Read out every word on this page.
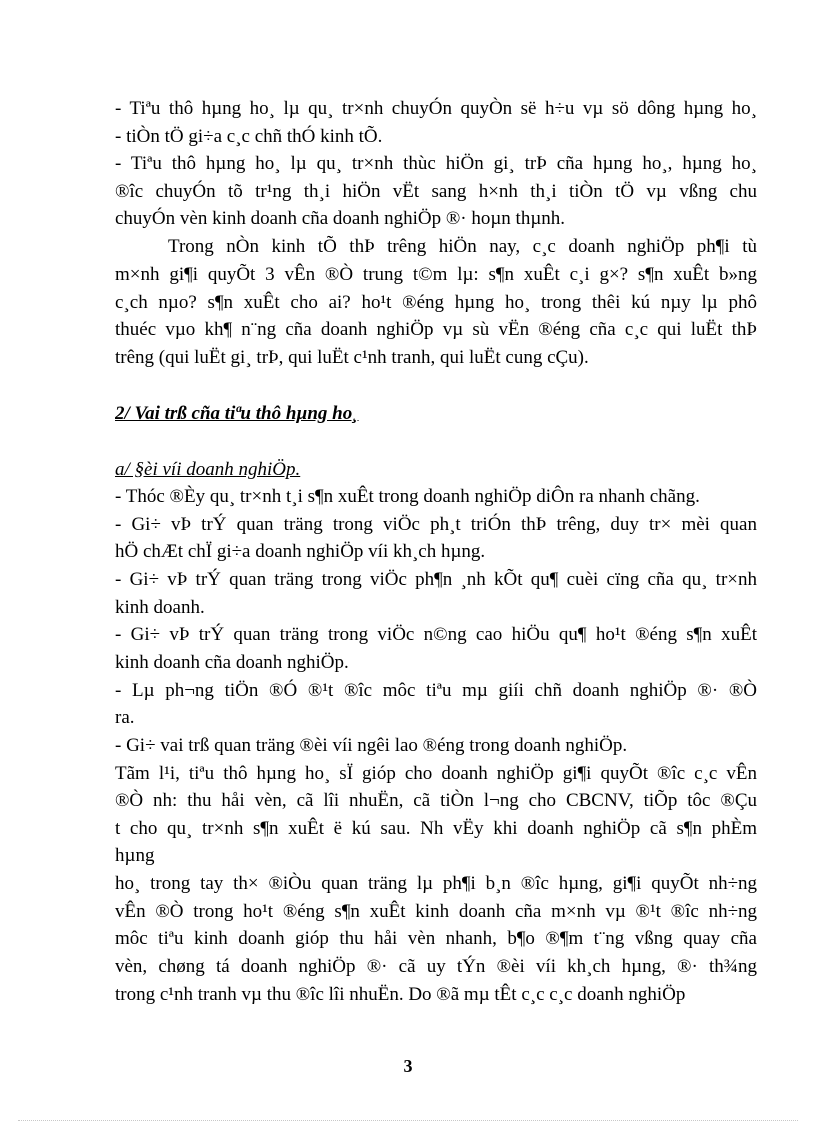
- Tiªu thô hµng ho¸ lµ qu¸ tr×nh chuyÓn quyÒn së h÷u vµ sö dông hµng ho¸
- tiÒn tÖ gi÷a c¸c chñ thÓ kinh tÕ.
- Tiªu thô hµng ho¸ lµ qu¸ tr×nh thùc hiÖn gi¸ trÞ cña hµng ho¸, hµng ho¸
®îc chuyÓn tõ tr¹ng th¸i hiÖn vËt sang h×nh th¸i tiÒn tÖ vµ vßng chu
chuyÓn vèn kinh doanh cña doanh nghiÖp ®· hoµn thµnh.
Trong nÒn kinh tÕ thÞ trêng hiÖn nay, c¸c doanh nghiÖp ph¶i tù
m×nh gi¶i quyÕt 3 vÊn ®Ò trung t©m lµ: s¶n xuÊt c¸i g×? s¶n xuÊt b»ng
c¸ch nµo? s¶n xuÊt cho ai? ho¹t ®éng hµng ho¸ trong thêi kú nµy lµ phô
thuéc vµo kh¶ n¨ng cña doanh nghiÖp vµ sù vËn ®éng cña c¸c qui luËt thÞ
trêng (qui luËt gi¸ trÞ, qui luËt c¹nh tranh, qui luËt cung cÇu).
2/ Vai trß cña tiªu thô hµng ho¸
a/ §èi víi doanh nghiÖp.
- Thóc ®Èy qu¸ tr×nh t¸i s¶n xuÊt trong doanh nghiÖp diÔn ra nhanh chãng.
- Gi÷ vÞ trÝ quan träng trong viÖc ph¸t triÓn thÞ trêng, duy tr× mèi quan
hÖ chÆt chÏ gi÷a doanh nghiÖp víi kh¸ch hµng.
- Gi÷ vÞ trÝ quan träng trong viÖc ph¶n ¸nh kÕt qu¶ cuèi cïng cña qu¸ tr×nh
kinh doanh.
- Gi÷ vÞ trÝ quan träng trong viÖc n©ng cao hiÖu qu¶ ho¹t ®éng s¶n xuÊt
kinh doanh cña doanh nghiÖp.
- Lµ ph¬ng tiÖn ®Ó ®¹t ®îc môc tiªu mµ giíi chñ doanh nghiÖp ®· ®Ò
ra.
- Gi÷ vai trß quan träng ®èi víi ngêi lao ®éng trong doanh nghiÖp.
Tãm l¹i, tiªu thô hµng ho¸ sÏ gióp cho doanh nghiÖp gi¶i quyÕt ®îc c¸c vÊn
®Ò nh: thu håi vèn, cã lîi nhuËn, cã tiÒn l¬ng cho CBCNV, tiÕp tôc ®Çu
t cho qu¸ tr×nh s¶n xuÊt ë kú sau. Nh vËy khi doanh nghiÖp cã s¶n phÈm
hµng
ho¸ trong tay th× ®iÒu quan träng lµ ph¶i b¸n ®îc hµng, gi¶i quyÕt nh÷ng
vÊn ®Ò trong ho¹t ®éng s¶n xuÊt kinh doanh cña m×nh vµ ®¹t ®îc nh÷ng
môc tiªu kinh doanh gióp thu håi vèn nhanh, b¶o ®¶m t¨ng vßng quay cña
vèn, chøng tá doanh nghiÖp ®· cã uy tÝn ®èi víi kh¸ch hµng, ®· th¾ng
trong c¹nh tranh vµ thu ®îc lîi nhuËn. Do ®ã mµ tÊt c¸c c¸c doanh nghiÖp
3
